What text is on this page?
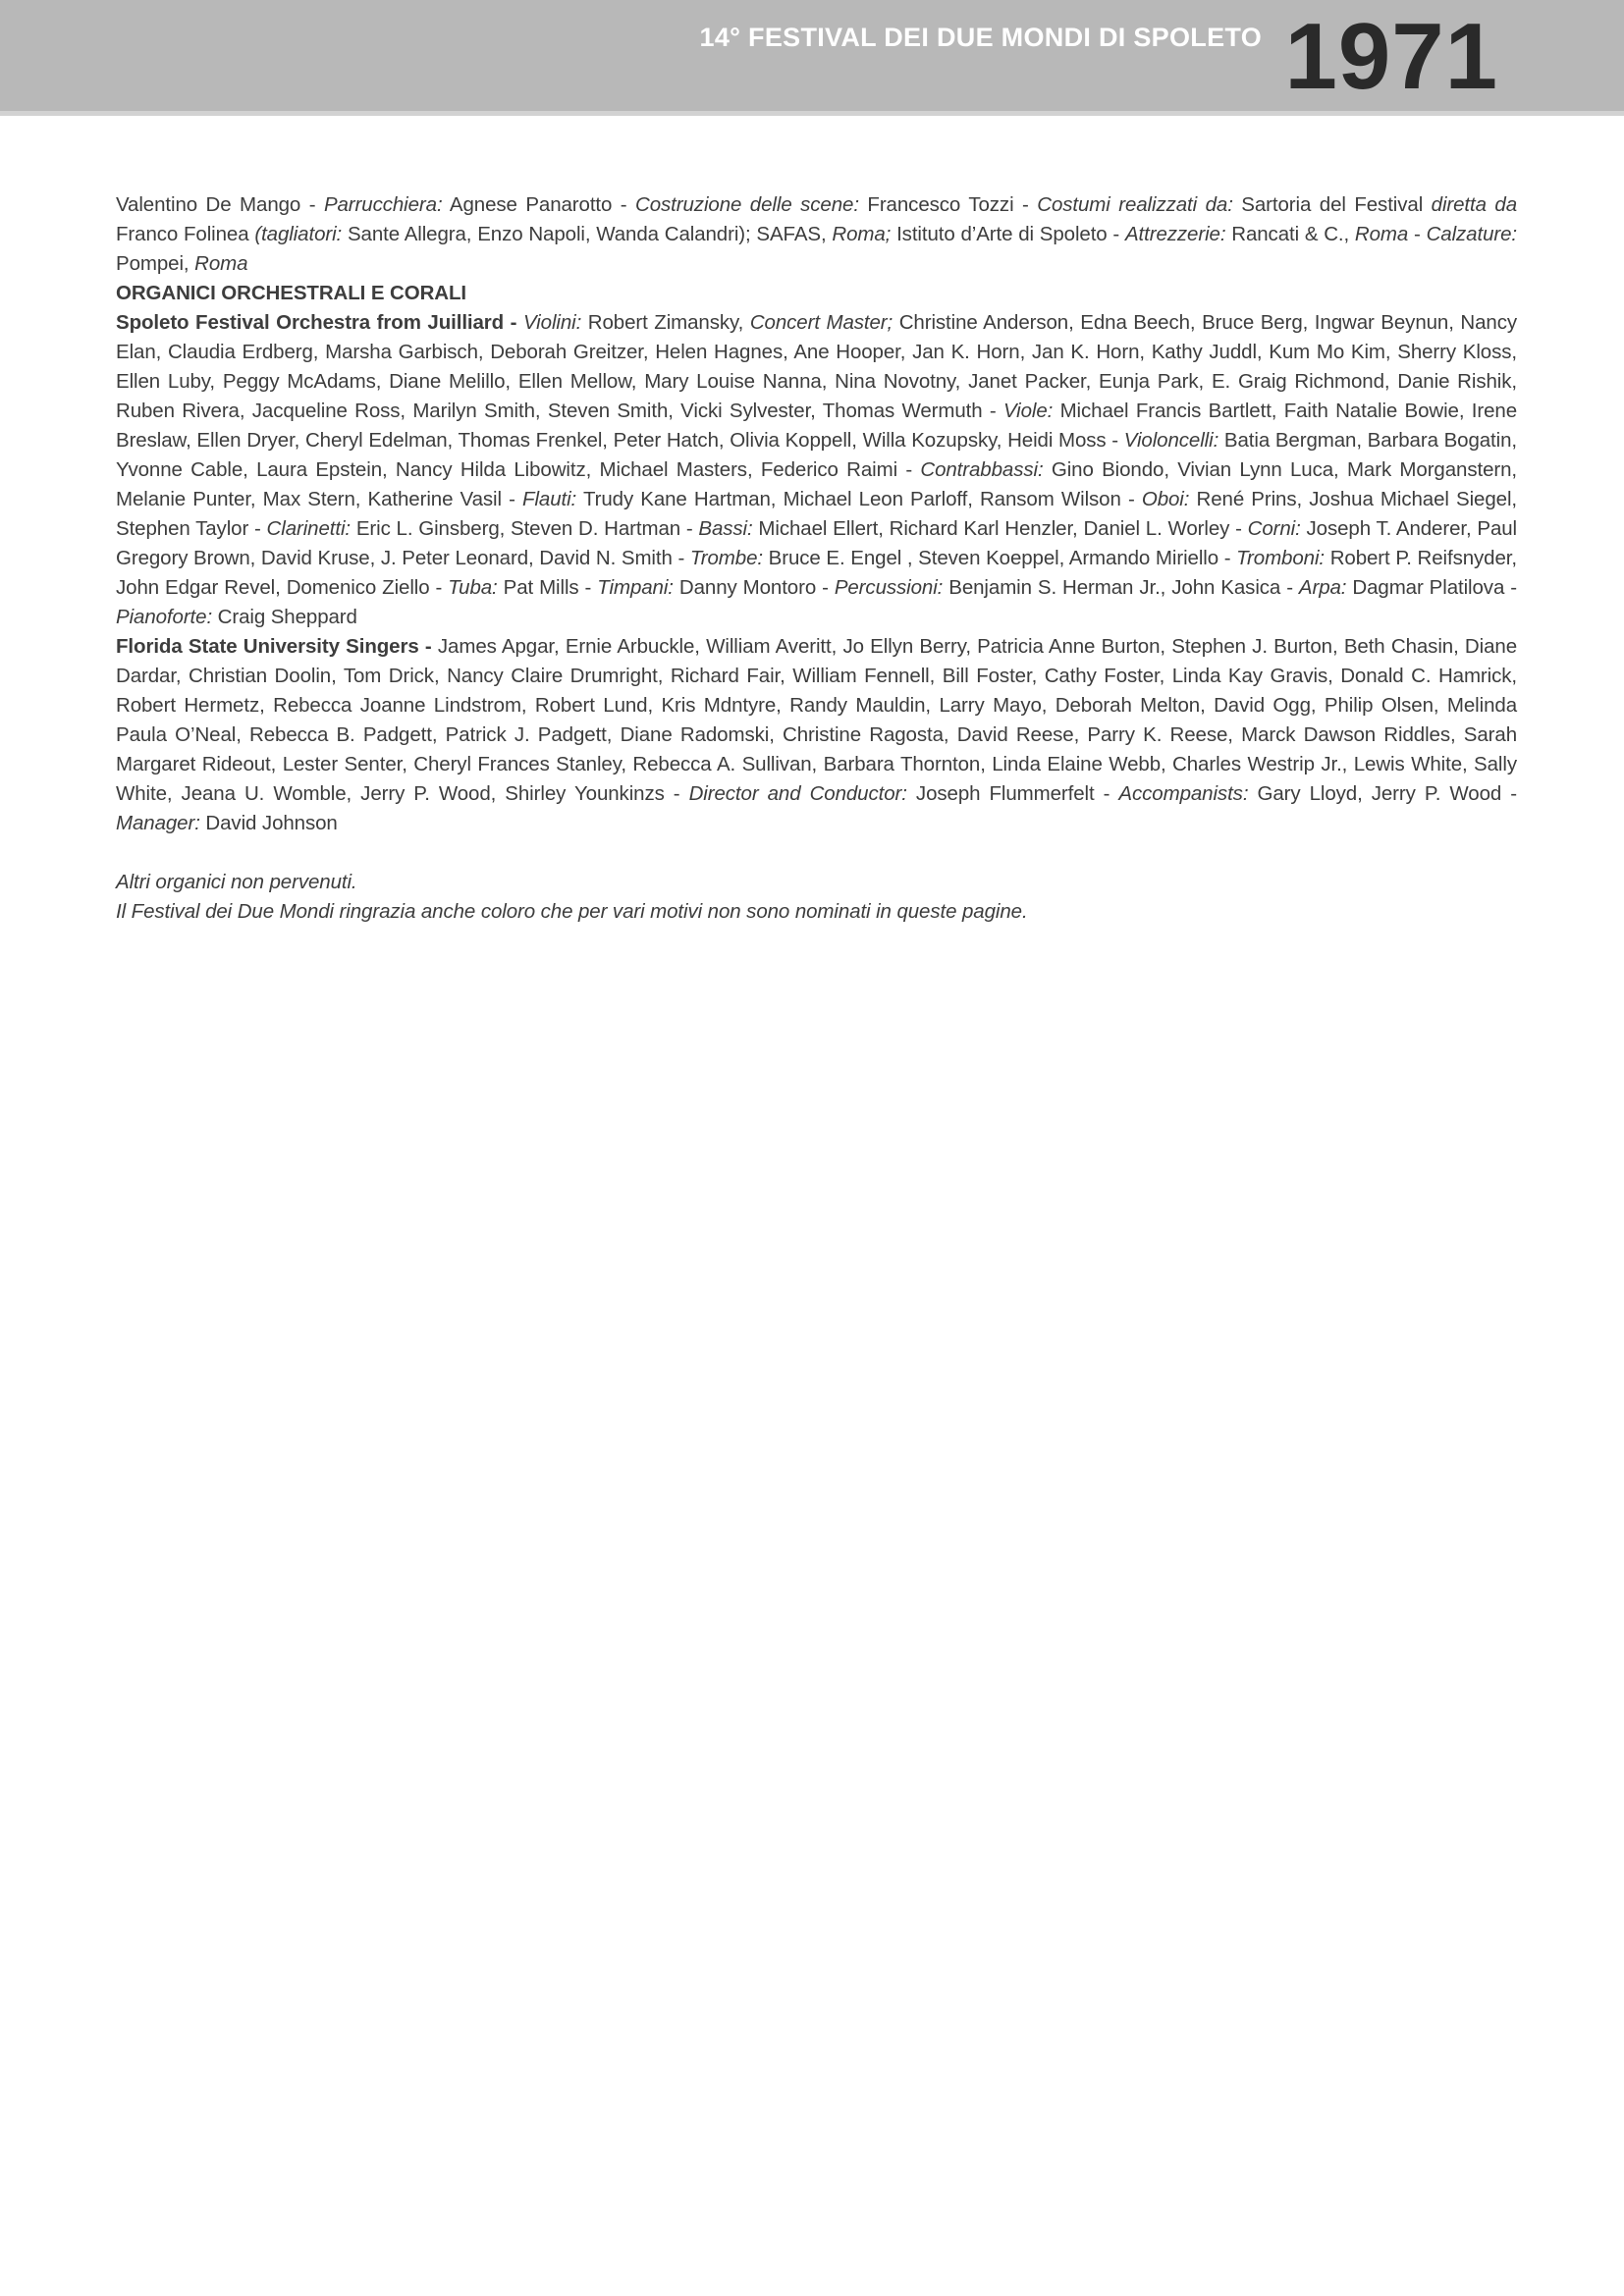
14° FESTIVAL DEI DUE MONDI DI SPOLETO 1971

Valentino De Mango - Parrucchiera: Agnese Panarotto - Costruzione delle scene: Francesco Tozzi - Costumi realizzati da: Sartoria del Festival diretta da Franco Folinea (tagliatori: Sante Allegra, Enzo Napoli, Wanda Calandri); SAFAS, Roma; Istituto d’Arte di Spoleto - Attrezzerie: Rancati & C., Roma - Calzature: Pompei, Roma

ORGANICI ORCHESTRALI E CORALI

Spoleto Festival Orchestra from Juilliard - Violini: Robert Zimansky, Concert Master; Christine Anderson, Edna Beech, Bruce Berg, Ingwar Beynun, Nancy Elan, Claudia Erdberg, Marsha Garbisch, Deborah Greitzer, Helen Hagnes, Ane Hooper, Jan K. Horn, Jan K. Horn, Kathy Juddl, Kum Mo Kim, Sherry Kloss, Ellen Luby, Peggy McAdams, Diane Melillo, Ellen Mellow, Mary Louise Nanna, Nina Novotny, Janet Packer, Eunja Park, E. Graig Richmond, Danie Rishik, Ruben Rivera, Jacqueline Ross, Marilyn Smith, Steven Smith, Vicki Sylvester, Thomas Wermuth - Viole: Michael Francis Bartlett, Faith Natalie Bowie, Irene Breslaw, Ellen Dryer, Cheryl Edelman, Thomas Frenkel, Peter Hatch, Olivia Koppell, Willa Kozupsky, Heidi Moss - Violoncelli: Batia Bergman, Barbara Bogatin, Yvonne Cable, Laura Epstein, Nancy Hilda Libowitz, Michael Masters, Federico Raimi - Contrabbassi: Gino Biondo, Vivian Lynn Luca, Mark Morganstern, Melanie Punter, Max Stern, Katherine Vasil - Flauti: Trudy Kane Hartman, Michael Leon Parloff, Ransom Wilson - Oboi: René Prins, Joshua Michael Siegel, Stephen Taylor - Clarinetti: Eric L. Ginsberg, Steven D. Hartman - Bassi: Michael Ellert, Richard Karl Henzler, Daniel L. Worley - Corni: Joseph T. Anderer, Paul Gregory Brown, David Kruse, J. Peter Leonard, David N. Smith - Trombe: Bruce E. Engel , Steven Koeppel, Armando Miriello - Tromboni: Robert P. Reifsnyder, John Edgar Revel, Domenico Ziello - Tuba: Pat Mills - Timpani: Danny Montoro - Percussioni: Benjamin S. Herman Jr., John Kasica - Arpa: Dagmar Platilova - Pianoforte: Craig Sheppard

Florida State University Singers - James Apgar, Ernie Arbuckle, William Averitt, Jo Ellyn Berry, Patricia Anne Burton, Stephen J. Burton, Beth Chasin, Diane Dardar, Christian Doolin, Tom Drick, Nancy Claire Drumright, Richard Fair, William Fennell, Bill Foster, Cathy Foster, Linda Kay Gravis, Donald C. Hamrick, Robert Hermetz, Rebecca Joanne Lindstrom, Robert Lund, Kris Mdntyre, Randy Mauldin, Larry Mayo, Deborah Melton, David Ogg, Philip Olsen, Melinda Paula O’Neal, Rebecca B. Padgett, Patrick J. Padgett, Diane Radomski, Christine Ragosta, David Reese, Parry K. Reese, Marck Dawson Riddles, Sarah Margaret Rideout, Lester Senter, Cheryl Frances Stanley, Rebecca A. Sullivan, Barbara Thornton, Linda Elaine Webb, Charles Westrip Jr., Lewis White, Sally White, Jeana U. Womble, Jerry P. Wood, Shirley Younkinzs - Director and Conductor: Joseph Flummerfelt - Accompanists: Gary Lloyd, Jerry P. Wood - Manager: David Johnson

Altri organici non pervenuti.

Il Festival dei Due Mondi ringrazia anche coloro che per vari motivi non sono nominati in queste pagine.
